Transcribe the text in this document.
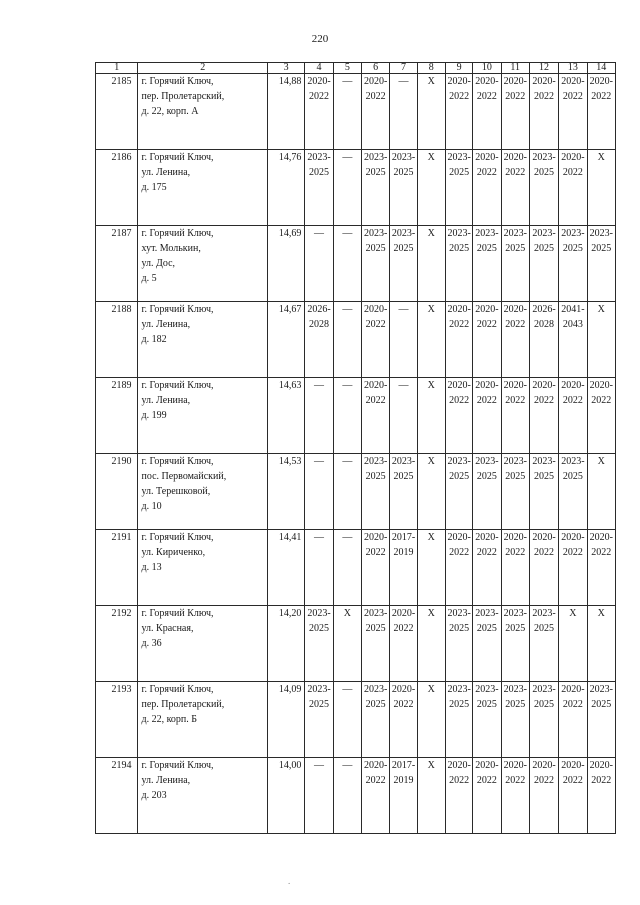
220
1	2	3	4	5	6	7	8	9	10	11	12	13	14
2185	г. Горячий Ключ,
пер. Пролетарский,
д. 22, корп. А	14,88	2020-
2022	—	2020-
2022	—	Х	2020-
2022	2020-
2022	2020-
2022	2020-
2022	2020-
2022	2020-
2022
2186	г. Горячий Ключ,
ул. Ленина,
д. 175	14,76	2023-
2025	—	2023-
2025	2023-
2025	Х	2023-
2025	2020-
2022	2020-
2022	2023-
2025	2020-
2022	Х
2187	г. Горячий Ключ,
хут. Молькин,
ул. Дос,
д. 5	14,69	—	—	2023-
2025	2023-
2025	Х	2023-
2025	2023-
2025	2023-
2025	2023-
2025	2023-
2025	2023-
2025
2188	г. Горячий Ключ,
ул. Ленина,
д. 182	14,67	2026-
2028	—	2020-
2022	—	Х	2020-
2022	2020-
2022	2020-
2022	2026-
2028	2041-
2043	Х
2189	г. Горячий Ключ,
ул. Ленина,
д. 199	14,63	—	—	2020-
2022	—	Х	2020-
2022	2020-
2022	2020-
2022	2020-
2022	2020-
2022	2020-
2022
2190	г. Горячий Ключ,
пос. Первомайский,
ул. Терешковой,
д. 10	14,53	—	—	2023-
2025	2023-
2025	Х	2023-
2025	2023-
2025	2023-
2025	2023-
2025	2023-
2025	Х
2191	г. Горячий Ключ,
ул. Кириченко,
д. 13	14,41	—	—	2020-
2022	2017-
2019	Х	2020-
2022	2020-
2022	2020-
2022	2020-
2022	2020-
2022	2020-
2022
2192	г. Горячий Ключ,
ул. Красная,
д. 36	14,20	2023-
2025	Х	2023-
2025	2020-
2022	Х	2023-
2025	2023-
2025	2023-
2025	2023-
2025	Х	Х
2193	г. Горячий Ключ,
пер. Пролетарский,
д. 22, корп. Б	14,09	2023-
2025	—	2023-
2025	2020-
2022	Х	2023-
2025	2023-
2025	2023-
2025	2023-
2025	2020-
2022	2023-
2025
2194	г. Горячий Ключ,
ул. Ленина,
д. 203	14,00	—	—	2020-
2022	2017-
2019	Х	2020-
2022	2020-
2022	2020-
2022	2020-
2022	2020-
2022	2020-
2022
.
